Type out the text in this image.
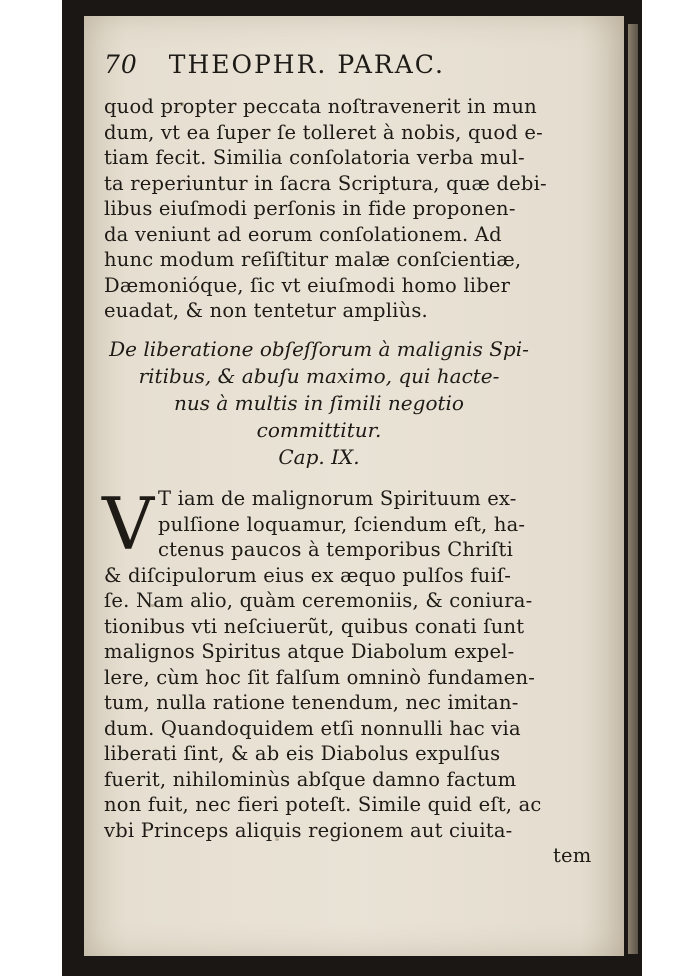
70 THEOPHR. PARAC.
quod propter peccata noſtravenerit in mun
dum, vt ea ſuper ſe tolleret à nobis, quod e-
tiam fecit. Similia conſolatoria verba mul-
ta reperiuntur in ſacra Scriptura, quæ debi-
libus eiuſmodi perſonis in fide proponen-
da veniunt ad eorum conſolationem. Ad
hunc modum reſiſtitur malæ conſcientiæ,
Dæmonióque, ſic vt eiuſmodi homo liber
euadat, & non tentetur ampliùs.
De liberatione obſeſſorum à malignis Spi-
ritibus, & abuſu maximo, qui hacte-
nus à multis in ſimili negotio
committitur.
Cap. IX.
V T iam de malignorum Spirituum ex-
pulſione loquamur, ſciendum eſt, ha-
ctenus paucos à temporibus Chriſti
& diſcipulorum eius ex æquo pulſos fuiſ-
ſe. Nam alio, quàm ceremoniis, & coniura-
tionibus vti neſciuerũt, quibus conati ſunt
malignos Spiritus atque Diabolum expel-
lere, cùm hoc ſit falſum omninò fundamen-
tum, nulla ratione tenendum, nec imitan-
dum. Quandoquidem etſi nonnulli hac via
liberati ſint, & ab eis Diabolus expulſus
fuerit, nihilominùs abſque damno factum
non fuit, nec fieri poteſt. Simile quid eſt, ac
vbi Princeps aliquis regionem aut ciuita-
tem
